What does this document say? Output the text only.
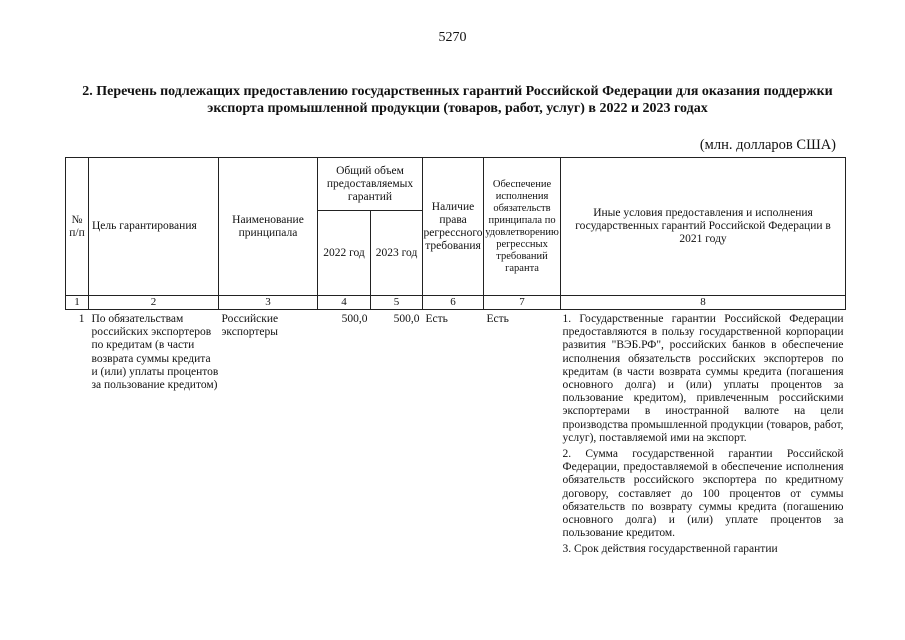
5270
2. Перечень подлежащих предоставлению государственных гарантий Российской Федерации для оказания поддержки экспорта промышленной продукции (товаров, работ, услуг) в 2022 и 2023 годах
(млн. долларов США)
№ п/п	Цель гарантирования	Наименование принципала	Общий объем предоставляемых гарантий		Наличие права регрессного требования	Обеспечение исполнения обязательств принципала по удовлетворению регрессных требований гаранта	Иные условия предоставления и исполнения государственных гарантий Российской Федерации в 2021 году
			2022 год	2023 год			
1	2	3	4	5	6	7	8
1	По обязательствам российских экспортеров по кредитам (в части возврата суммы кредита и (или) уплаты процентов за пользование кредитом)	Российские экспортеры	500,0	500,0	Есть	Есть	1. Государственные гарантии Российской Федерации предоставляются в пользу государственной корпорации развития "ВЭБ.РФ", российских банков в обеспечение исполнения обязательств российских экспортеров по кредитам (в части возврата суммы кредита (погашения основного долга) и (или) уплаты процентов за пользование кредитом), привлеченным российскими экспортерами в иностранной валюте на цели производства промышленной продукции (товаров, работ, услуг), поставляемой ими на экспорт.

2. Сумма государственной гарантии Российской Федерации, предоставляемой в обеспечение исполнения обязательств российского экспортера по кредитному договору, составляет до 100 процентов от суммы обязательств по возврату суммы кредита (погашению основного долга) и (или) уплате процентов за пользование кредитом.

3. Срок действия государственной гарантии
